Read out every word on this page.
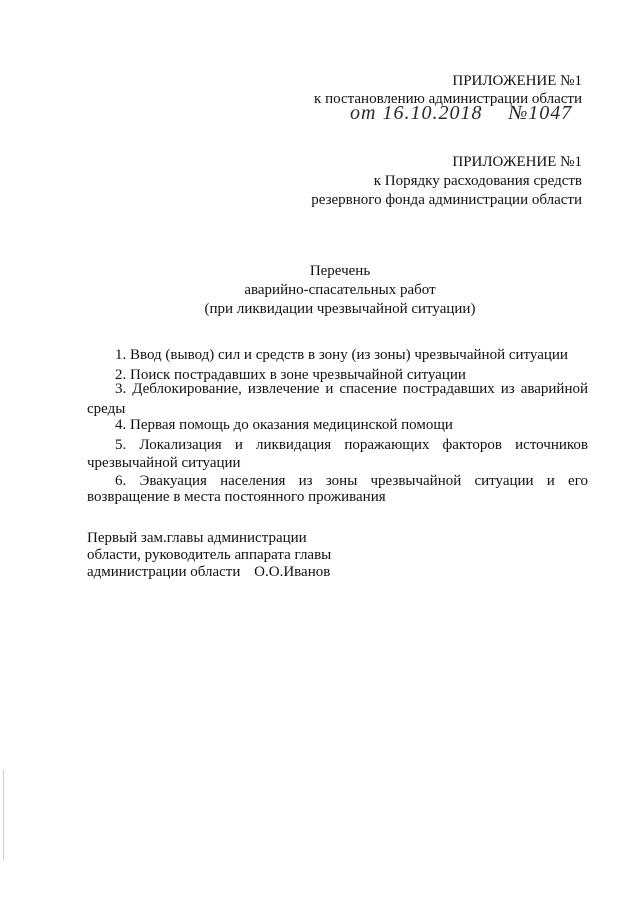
ПРИЛОЖЕНИЕ №1
к постановлению администрации области
от 16.10.2018 №1047
ПРИЛОЖЕНИЕ №1
к Порядку расходования средств
резервного фонда администрации области
Перечень
аварийно-спасательных работ
(при ликвидации чрезвычайной ситуации)
1. Ввод (вывод) сил и средств в зону (из зоны) чрезвычайной ситуации
2. Поиск пострадавших в зоне чрезвычайной ситуации
3. Деблокирование, извлечение и спасение пострадавших из аварийной
среды
4. Первая помощь до оказания медицинской помощи
5. Локализация и ликвидация поражающих факторов источников
чрезвычайной ситуации
6. Эвакуация населения из зоны чрезвычайной ситуации и его
возвращение в места постоянного проживания
Первый зам.главы администрации
области, руководитель аппарата главы
администрации области О.О.Иванов
